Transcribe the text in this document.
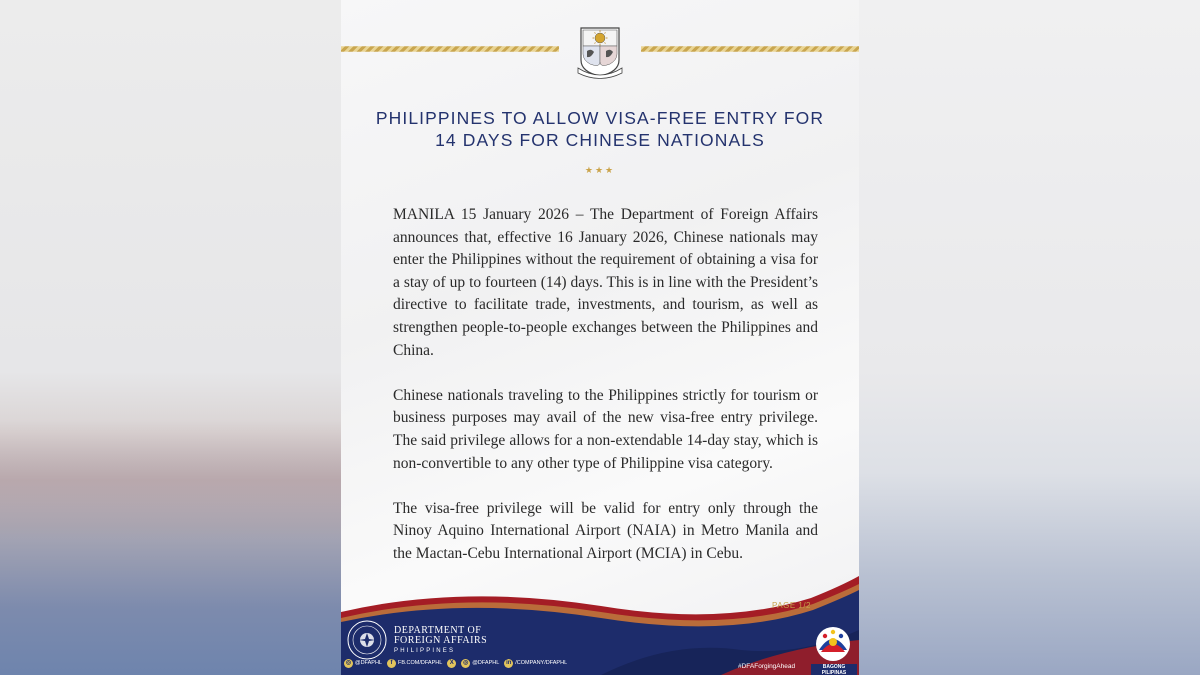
PHILIPPINES TO ALLOW VISA-FREE ENTRY FOR
14 DAYS FOR CHINESE NATIONALS
★★★

MANILA 15 January 2026 – The Department of Foreign Affairs announces that, effective 16 January 2026, Chinese nationals may enter the Philippines without the requirement of obtaining a visa for a stay of up to fourteen (14) days. This is in line with the President’s directive to facilitate trade, investments, and tourism, as well as strengthen people-to-people exchanges between the Philippines and China.

Chinese nationals traveling to the Philippines strictly for tourism or business purposes may avail of the new visa-free entry privilege. The said privilege allows for a non-extendable 14-day stay, which is non-convertible to any other type of Philippine visa category.

The visa-free privilege will be valid for entry only through the Ninoy Aquino International Airport (NAIA) in Metro Manila and the Mactan-Cebu International Airport (MCIA) in Cebu.

PAGE 1/2
DEPARTMENT OF
FOREIGN AFFAIRS
PHILIPPINES
◎ @DFAPHL	f	FB.COM/DFAPHL	X	◎ @DFAPHL	in /COMPANY/DFAPHL	#DFAForgingAhead	BAGONG PILIPINAS
